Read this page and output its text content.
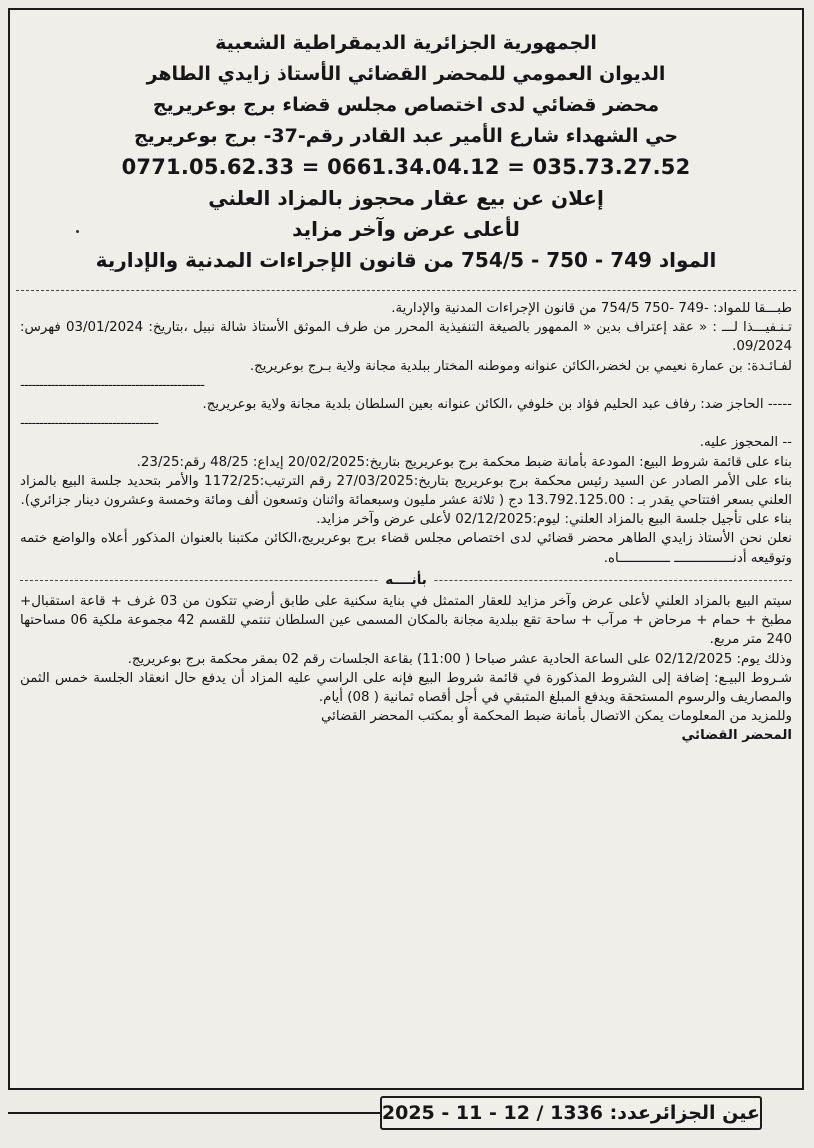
الجمهورية الجزائرية الديمقراطية الشعبية
الديوان العمومي للمحضر القضائي الأستاذ زايدي الطاهر
محضر قضائي لدى اختصاص مجلس قضاء برج بوعريريج
حي الشهداء شارع الأمير عبد القادر رقم-37- برج بوعريريج
0771.05.62.33 = 0661.34.04.12 = 035.73.27.52
إعلان عن بيع عقار محجوز بالمزاد العلني
لأعلى عرض وآخر مزايد
المواد 749 - 750 - 754/5 من قانون الإجراءات المدنية والإدارية

طبـــقا للمواد: -749 -750 754/5 من قانون الإجراءات المدنية والإدارية.

تـنـفيـــذا لـــ : « عقد إعتراف بدين « الممهور بالصيغة التنفيذية المحرر من طرف الموثق الأستاذ شالة نبيل ،بتاريخ: 03/01/2024 فهرس: 09/2024.

لفـائـدة: بن عمارة نعيمي بن لخضر،الكائن عنوانه وموطنه المختار ببلدية مجانة ولاية بـرج بوعريريج.

------------------------------------------------

----- الحاجز ضد: رفاف عبد الحليم فؤاد بن خلوفي ،الكائن عنوانه بعين السلطان بلدية مجانة ولاية بوعريريج.

------------------------------------

-- المحجوز عليه.

بناء على قائمة شروط البيع: المودعة بأمانة ضبط محكمة برج بوعريريج بتاريخ:20/02/2025 إيداع: 48/25 رقم:23/25.

بناء على الأمر الصادر عن السيد رئيس محكمة برج بوعريريج بتاريخ:27/03/2025 رقم الترتيب:1172/25 والأمر بتحديد جلسة البيع بالمزاد العلني بسعر افتتاحي يقدر بـ : 13.792.125.00 دج ( ثلاثة عشر مليون وسبعمائة واثنان وتسعون ألف ومائة وخمسة وعشرون دينار جزائري).

بناء على تأجيل جلسة البيع بالمزاد العلني: ليوم:02/12/2025 لأعلى عرض وآخر مزايد.

نعلن نحن الأستاذ زايدي الطاهر محضر قضائي لدى اختصاص مجلس قضاء برج بوعريريج،الكائن مكتبنا بالعنوان المذكور أعلاه والواضع ختمه وتوقيعه أدنـــــــــــــــ ـــــــــــــاه.

بأنــــه

سيتم البيع بالمزاد العلني لأعلى عرض وآخر مزايد للعقار المتمثل في بناية سكنية على طابق أرضي تتكون من 03 غرف + قاعة استقبال+ مطبخ + حمام + مرحاض + مرآب + ساحة تقع ببلدية مجانة بالمكان المسمى عين السلطان تنتمي للقسم 42 مجموعة ملكية 06 مساحتها 240 متر مربع.

وذلك يوم: 02/12/2025 على الساعة الحادية عشر صباحا ( 11:00) بقاعة الجلسات رقم 02 بمقر محكمة برج بوعريريج.

شـروط البيـع: إضافة إلى الشروط المذكورة في قائمة شروط البيع فإنه على الراسي عليه المزاد أن يدفع حال انعقاد الجلسة خمس الثمن والمصاريف والرسوم المستحقة ويدفع المبلغ المتبقي في أجل أقصاه ثمانية ( 08) أيام.

وللمزيد من المعلومات يمكن الاتصال بأمانة ضبط المحكمة أو بمكتب المحضر القضائي

المحضر القضائي

عين الجزائرعدد: 1336 / 12 - 11 - 2025
